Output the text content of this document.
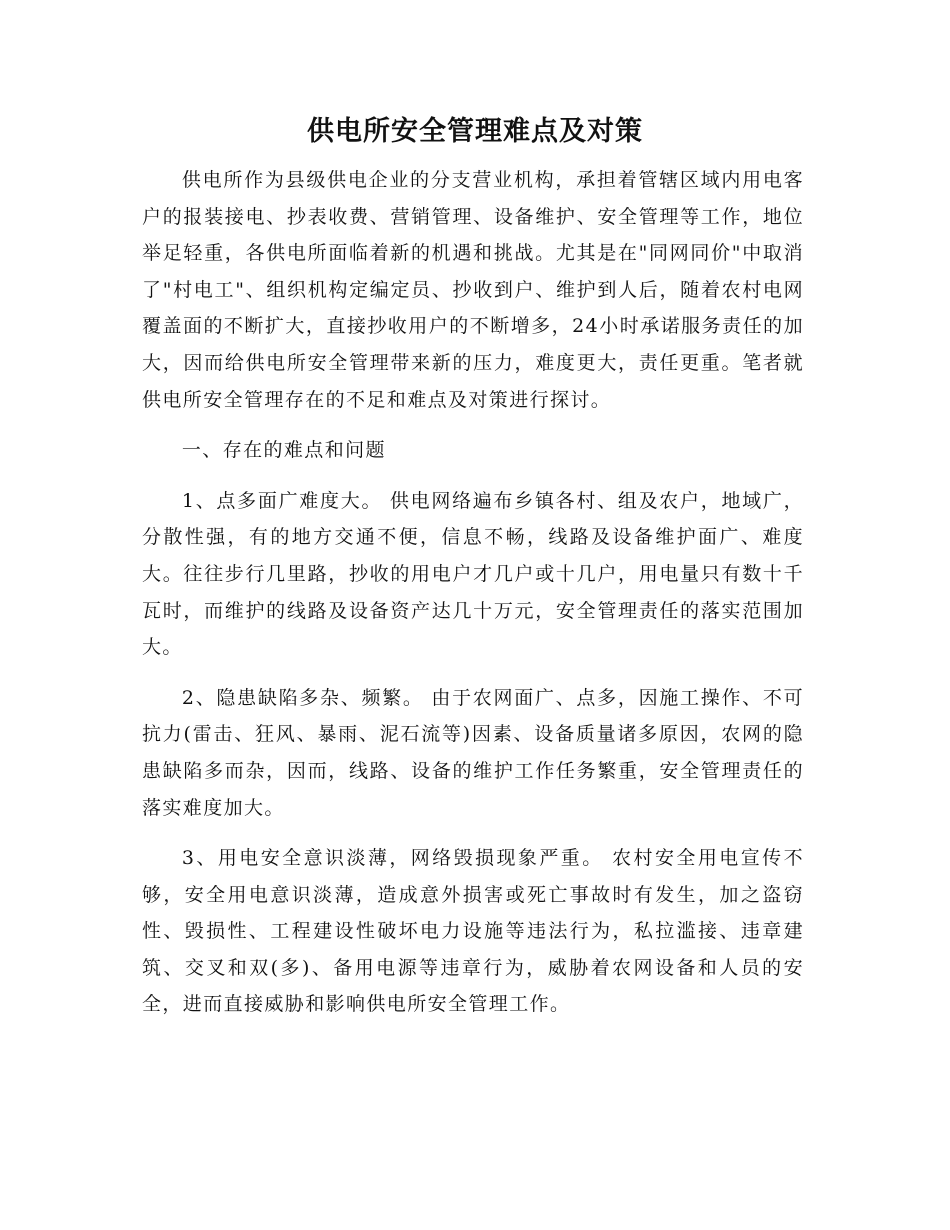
供电所安全管理难点及对策

供电所作为县级供电企业的分支营业机构，承担着管辖区域内用电客户的报装接电、抄表收费、营销管理、设备维护、安全管理等工作，地位举足轻重，各供电所面临着新的机遇和挑战。尤其是在"同网同价"中取消了"村电工"、组织机构定编定员、抄收到户、维护到人后，随着农村电网覆盖面的不断扩大，直接抄收用户的不断增多，24小时承诺服务责任的加大，因而给供电所安全管理带来新的压力，难度更大，责任更重。笔者就供电所安全管理存在的不足和难点及对策进行探讨。

一、存在的难点和问题

1、点多面广难度大。 供电网络遍布乡镇各村、组及农户，地域广，分散性强，有的地方交通不便，信息不畅，线路及设备维护面广、难度大。往往步行几里路，抄收的用电户才几户或十几户，用电量只有数十千瓦时，而维护的线路及设备资产达几十万元，安全管理责任的落实范围加大。

2、隐患缺陷多杂、频繁。 由于农网面广、点多，因施工操作、不可抗力(雷击、狂风、暴雨、泥石流等)因素、设备质量诸多原因，农网的隐患缺陷多而杂，因而，线路、设备的维护工作任务繁重，安全管理责任的落实难度加大。

3、用电安全意识淡薄，网络毁损现象严重。 农村安全用电宣传不够，安全用电意识淡薄，造成意外损害或死亡事故时有发生，加之盗窃性、毁损性、工程建设性破坏电力设施等违法行为，私拉滥接、违章建筑、交叉和双(多)、备用电源等违章行为，威胁着农网设备和人员的安全，进而直接威胁和影响供电所安全管理工作。
